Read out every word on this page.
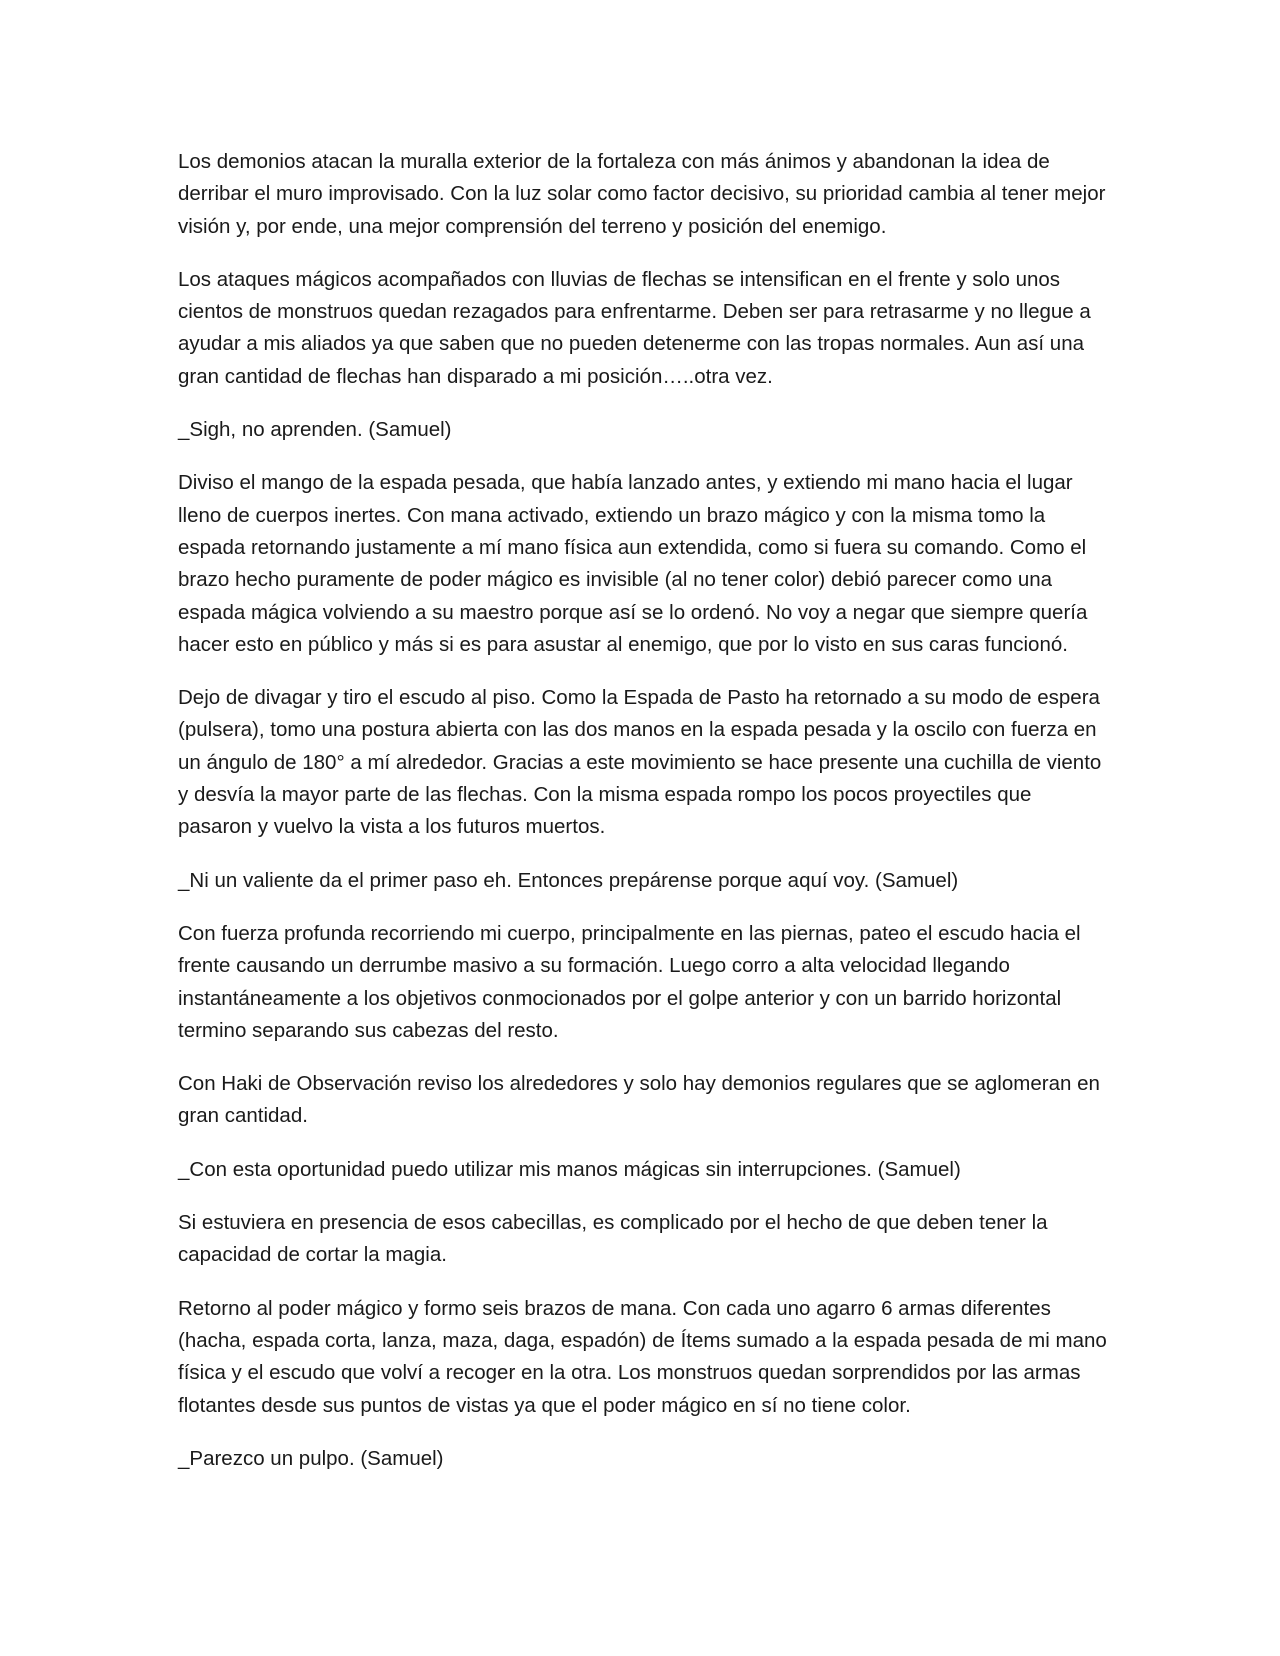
Los demonios atacan la muralla exterior de la fortaleza con más ánimos y abandonan la idea de derribar el muro improvisado. Con la luz solar como factor decisivo, su prioridad cambia al tener mejor visión y, por ende, una mejor comprensión del terreno y posición del enemigo.

Los ataques mágicos acompañados con lluvias de flechas se intensifican en el frente y solo unos cientos de monstruos quedan rezagados para enfrentarme. Deben ser para retrasarme y no llegue a ayudar a mis aliados ya que saben que no pueden detenerme con las tropas normales. Aun así una gran cantidad de flechas han disparado a mi posición…..otra vez.

_Sigh, no aprenden. (Samuel)

Diviso el mango de la espada pesada, que había lanzado antes, y extiendo mi mano hacia el lugar lleno de cuerpos inertes. Con mana activado, extiendo un brazo mágico y con la misma tomo la espada retornando justamente a mí mano física aun extendida, como si fuera su comando. Como el brazo hecho puramente de poder mágico es invisible (al no tener color) debió parecer como una espada mágica volviendo a su maestro porque así se lo ordenó. No voy a negar que siempre quería hacer esto en público y más si es para asustar al enemigo, que por lo visto en sus caras funcionó.

Dejo de divagar y tiro el escudo al piso. Como la Espada de Pasto ha retornado a su modo de espera (pulsera), tomo una postura abierta con las dos manos en la espada pesada y la oscilo con fuerza en un ángulo de 180° a mí alrededor. Gracias a este movimiento se hace presente una cuchilla de viento y desvía la mayor parte de las flechas. Con la misma espada rompo los pocos proyectiles que pasaron y vuelvo la vista a los futuros muertos.

_Ni un valiente da el primer paso eh. Entonces prepárense porque aquí voy. (Samuel)

Con fuerza profunda recorriendo mi cuerpo, principalmente en las piernas, pateo el escudo hacia el frente causando un derrumbe masivo a su formación. Luego corro a alta velocidad llegando instantáneamente a los objetivos conmocionados por el golpe anterior y con un barrido horizontal termino separando sus cabezas del resto.

Con Haki de Observación reviso los alrededores y solo hay demonios regulares que se aglomeran en gran cantidad.

_Con esta oportunidad puedo utilizar mis manos mágicas sin interrupciones. (Samuel)

Si estuviera en presencia de esos cabecillas, es complicado por el hecho de que deben tener la capacidad de cortar la magia.

Retorno al poder mágico y formo seis brazos de mana. Con cada uno agarro 6 armas diferentes (hacha, espada corta, lanza, maza, daga, espadón) de Ítems sumado a la espada pesada de mi mano física y el escudo que volví a recoger en la otra. Los monstruos quedan sorprendidos por las armas flotantes desde sus puntos de vistas ya que el poder mágico en sí no tiene color.

_Parezco un pulpo. (Samuel)
